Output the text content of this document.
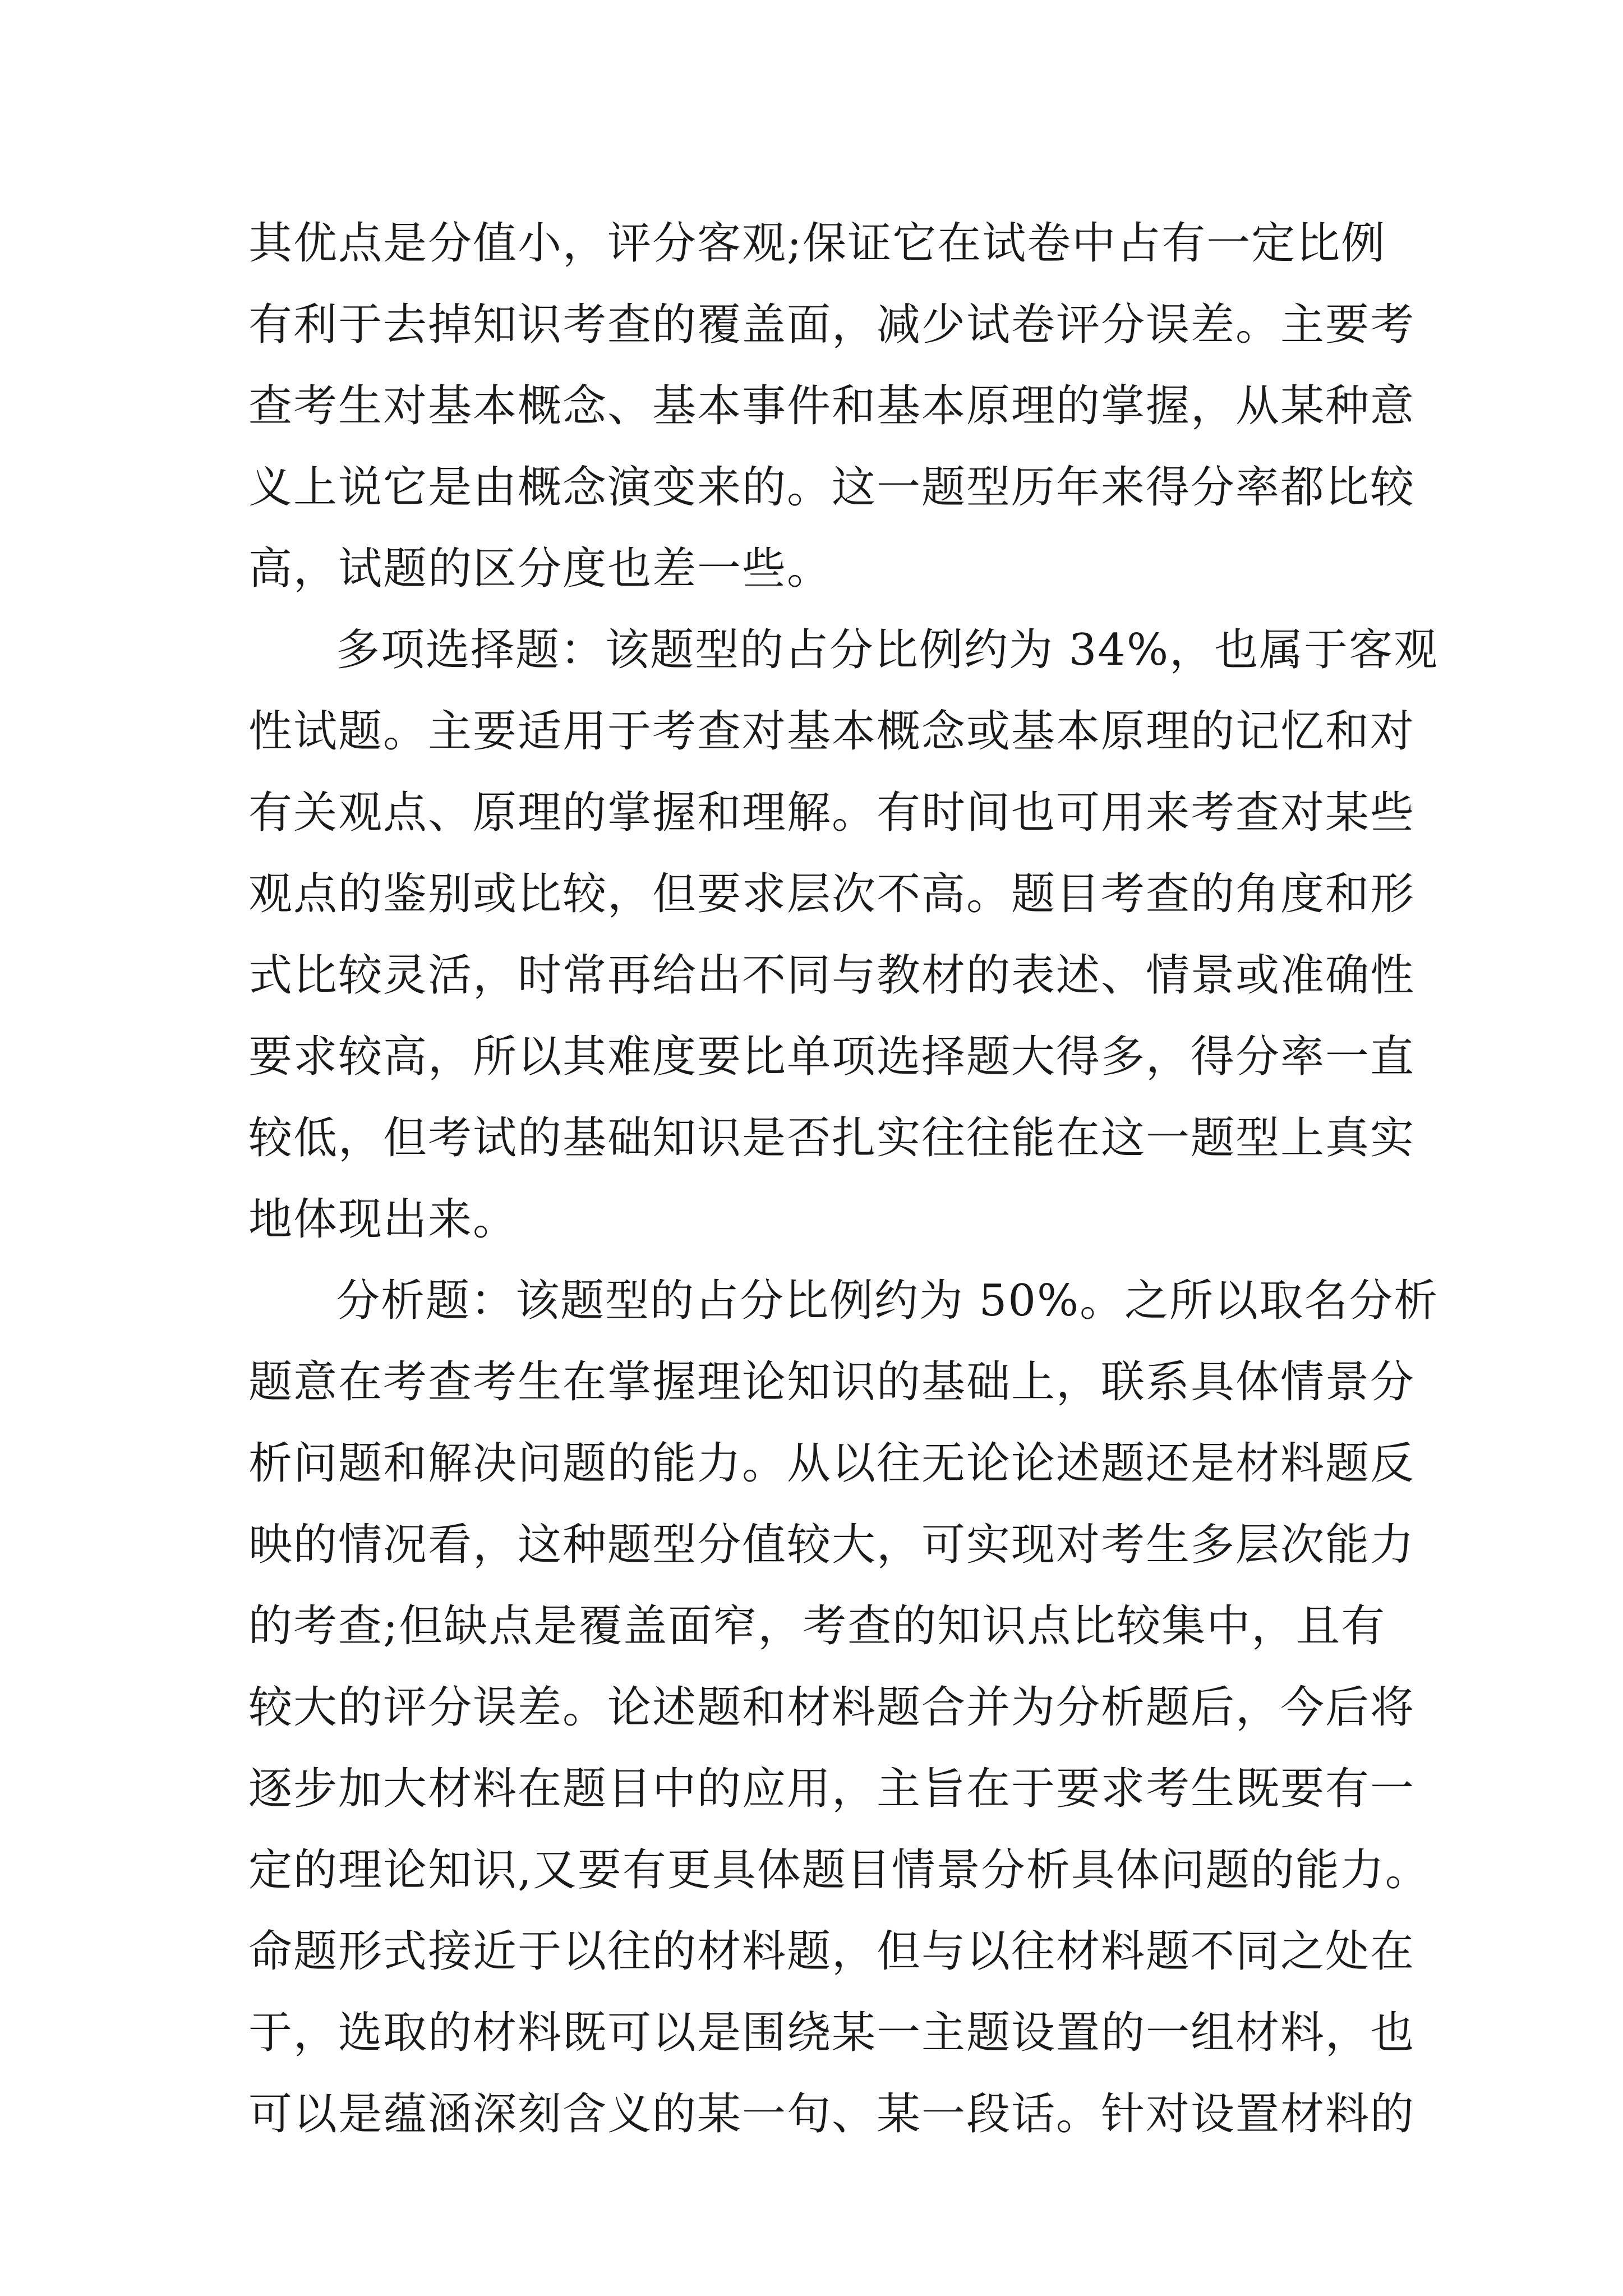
其优点是分值小，评分客观;保证它在试卷中占有一定比例
有利于去掉知识考查的覆盖面，减少试卷评分误差。主要考
查考生对基本概念、基本事件和基本原理的掌握，从某种意
义上说它是由概念演变来的。这一题型历年来得分率都比较
高，试题的区分度也差一些。
多项选择题：该题型的占分比例约为 34%，也属于客观
性试题。主要适用于考查对基本概念或基本原理的记忆和对
有关观点、原理的掌握和理解。有时间也可用来考查对某些
观点的鉴别或比较，但要求层次不高。题目考查的角度和形
式比较灵活，时常再给出不同与教材的表述、情景或准确性
要求较高，所以其难度要比单项选择题大得多，得分率一直
较低，但考试的基础知识是否扎实往往能在这一题型上真实
地体现出来。
分析题：该题型的占分比例约为 50%。之所以取名分析
题意在考查考生在掌握理论知识的基础上，联系具体情景分
析问题和解决问题的能力。从以往无论论述题还是材料题反
映的情况看，这种题型分值较大，可实现对考生多层次能力
的考查;但缺点是覆盖面窄，考查的知识点比较集中，且有
较大的评分误差。论述题和材料题合并为分析题后，今后将
逐步加大材料在题目中的应用，主旨在于要求考生既要有一
定的理论知识,又要有更具体题目情景分析具体问题的能力。
命题形式接近于以往的材料题，但与以往材料题不同之处在
于，选取的材料既可以是围绕某一主题设置的一组材料，也
可以是蕴涵深刻含义的某一句、某一段话。针对设置材料的
